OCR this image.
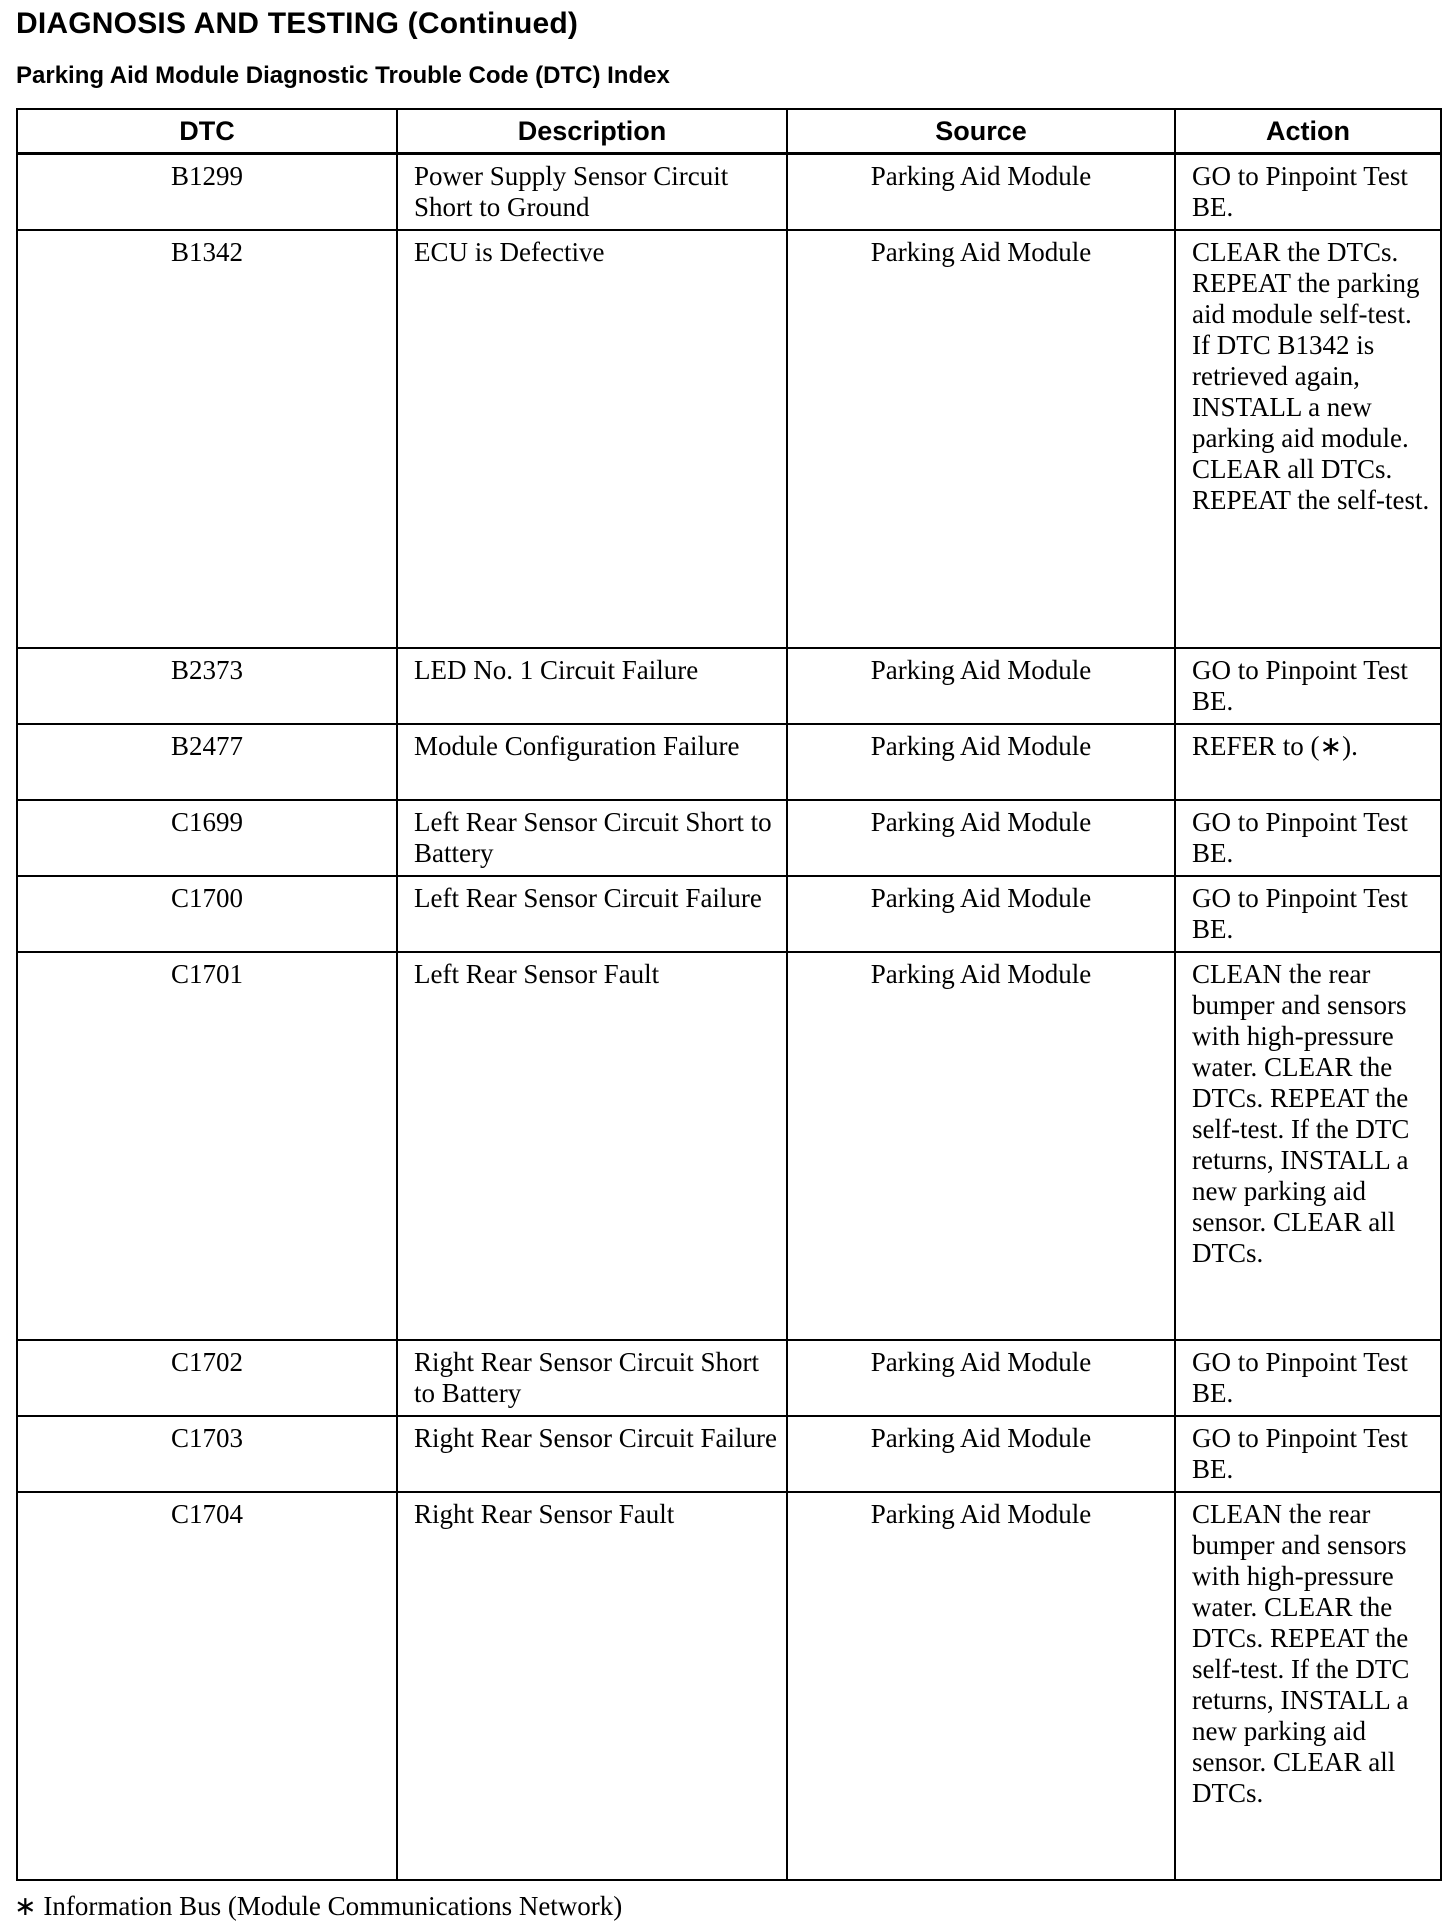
DIAGNOSIS AND TESTING (Continued)
Parking Aid Module Diagnostic Trouble Code (DTC) Index
DTC	Description	Source	Action
B1299	Power Supply Sensor Circuit Short to Ground	Parking Aid Module	GO to Pinpoint Test BE.
B1342	ECU is Defective	Parking Aid Module	CLEAR the DTCs. REPEAT the parking aid module self-test. If DTC B1342 is retrieved again, INSTALL a new parking aid module. CLEAR all DTCs. REPEAT the self-test.
B2373	LED No. 1 Circuit Failure	Parking Aid Module	GO to Pinpoint Test BE.
B2477	Module Configuration Failure	Parking Aid Module	REFER to (∗).
C1699	Left Rear Sensor Circuit Short to Battery	Parking Aid Module	GO to Pinpoint Test BE.
C1700	Left Rear Sensor Circuit Failure	Parking Aid Module	GO to Pinpoint Test BE.
C1701	Left Rear Sensor Fault	Parking Aid Module	CLEAN the rear bumper and sensors with high-pressure water. CLEAR the DTCs. REPEAT the self-test. If the DTC returns, INSTALL a new parking aid sensor. CLEAR all DTCs.
C1702	Right Rear Sensor Circuit Short to Battery	Parking Aid Module	GO to Pinpoint Test BE.
C1703	Right Rear Sensor Circuit Failure	Parking Aid Module	GO to Pinpoint Test BE.
C1704	Right Rear Sensor Fault	Parking Aid Module	CLEAN the rear bumper and sensors with high-pressure water. CLEAR the DTCs. REPEAT the self-test. If the DTC returns, INSTALL a new parking aid sensor. CLEAR all DTCs.

∗ Information Bus (Module Communications Network)
